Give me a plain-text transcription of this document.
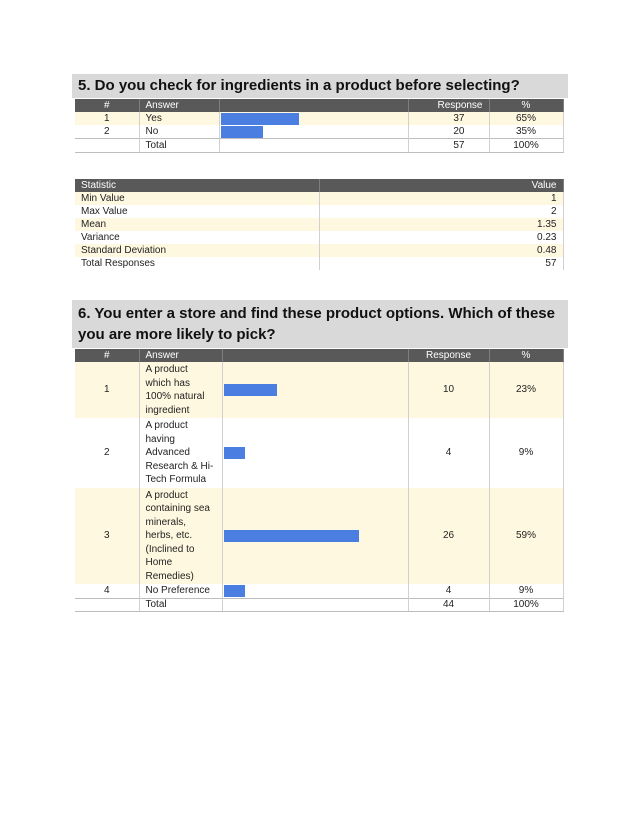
5. Do you check for ingredients in a product before selecting?
#	Answer		Response	%
1	Yes		37	65%
2	No		20	35%
	Total		57	100%
Statistic	Value
Min Value	1
Max Value	2
Mean	1.35
Variance	0.23
Standard Deviation	0.48
Total Responses	57
6. You enter a store and find these product options. Which of these
you are more likely to pick?
#	Answer		Response	%
1	A product which has 100% natural ingredient		10	23%
2	A product having Advanced Research & Hi-Tech Formula		4	9%
3	A product containing sea minerals, herbs, etc. (Inclined to Home Remedies)		26	59%
4	No Preference		4	9%
	Total		44	100%
